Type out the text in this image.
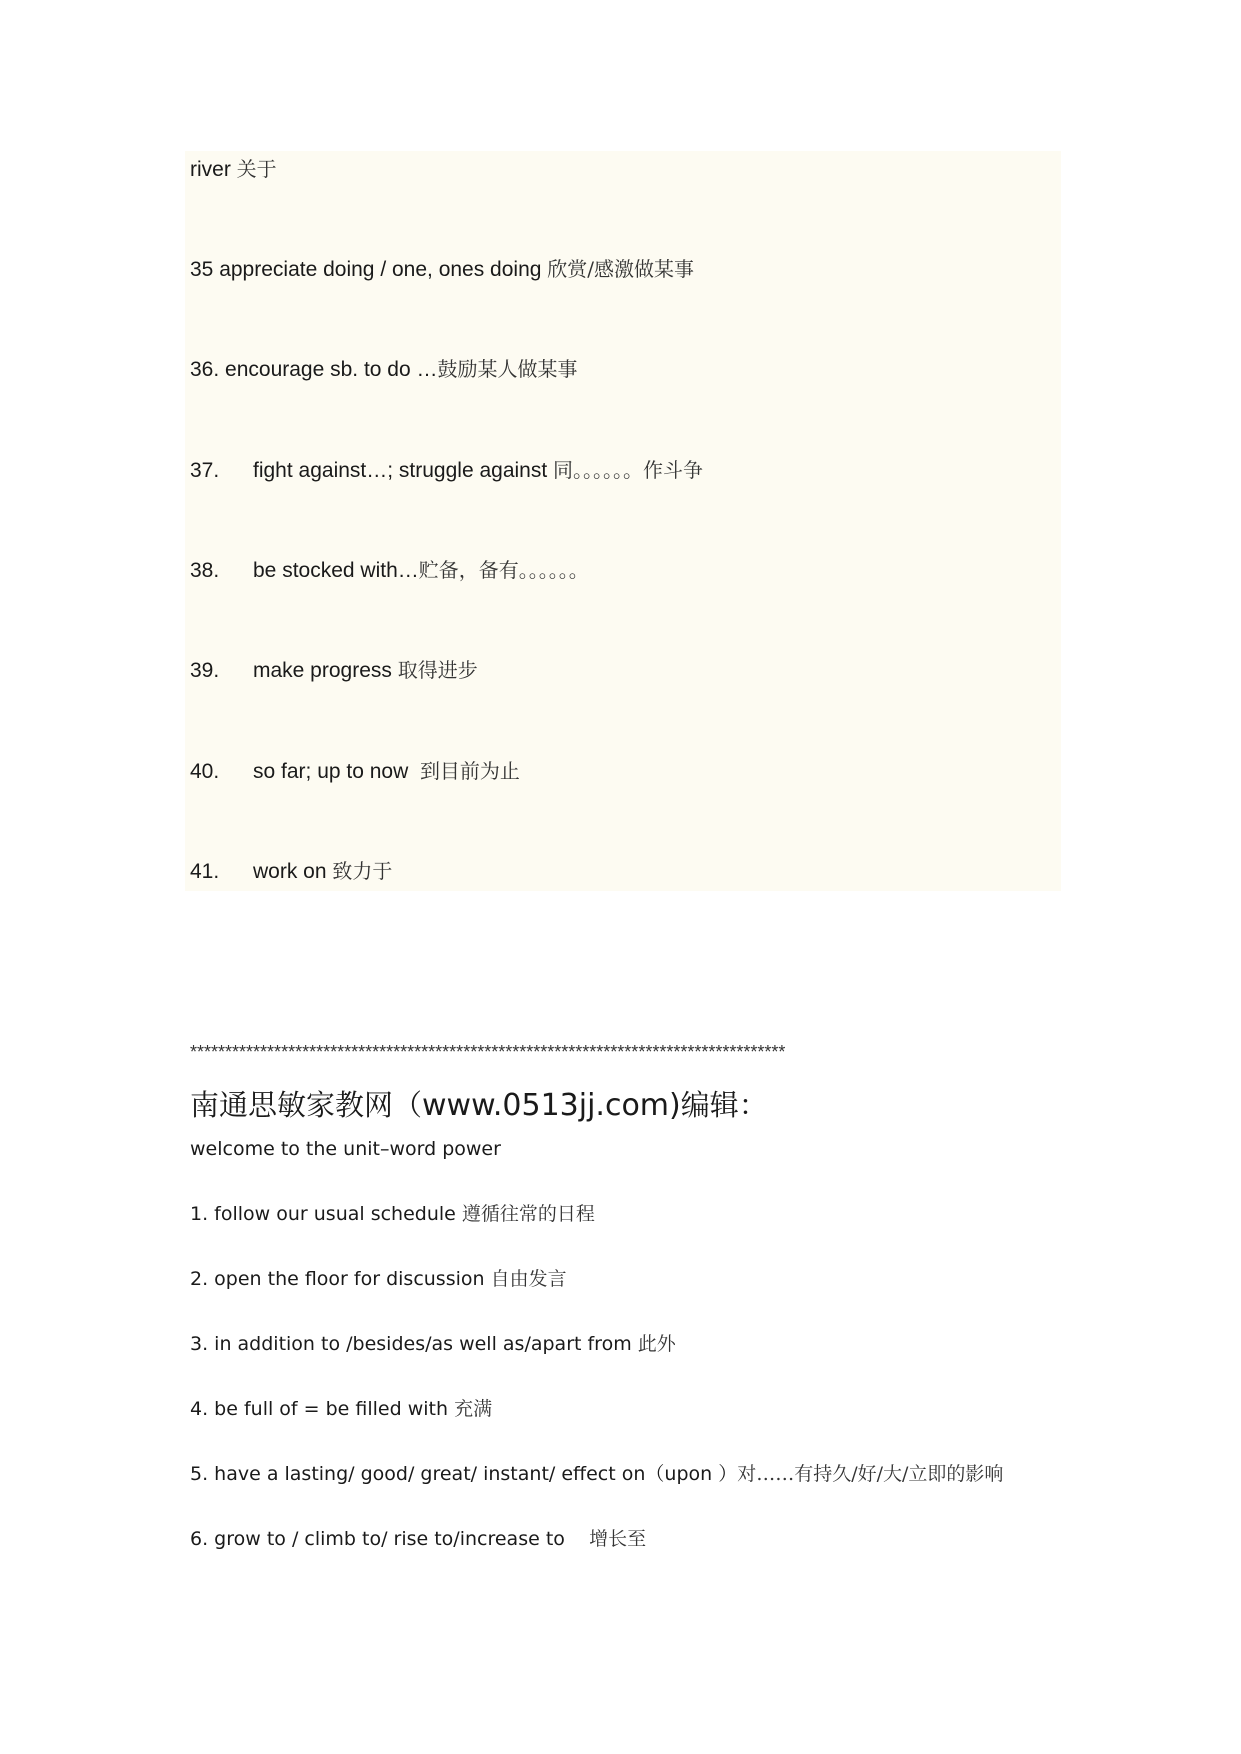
river 关于
35 appreciate doing / one, ones doing 欣赏/感激做某事
36. encourage sb. to do …鼓励某人做某事
37. fight against…; struggle against 同。。。。。。作斗争
38. be stocked with…贮备，备有。。。。。。
39. make progress 取得进步
40. so far; up to now  到目前为止
41. work on 致力于
*************************************************************************************
南通思敏家教网（www.0513jj.com)编辑：
welcome to the unit–word power
1. follow our usual schedule 遵循往常的日程
2. open the floor for discussion 自由发言
3. in addition to /besides/as well as/apart from 此外
4. be full of = be filled with 充满
5. have a lasting/ good/ great/ instant/ effect on（upon ）对……有持久/好/大/立即的影响
6. grow to / climb to/ rise to/increase to    增长至
